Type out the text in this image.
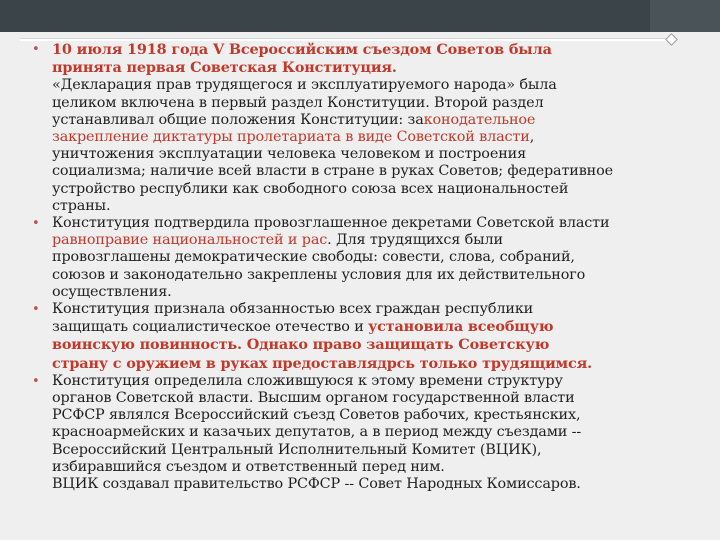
• 10 июля 1918 года V Всероссийским съездом Советов была
принята первая Советская Конституция.
«Декларация прав трудящегося и эксплуатируемого народа» была
целиком включена в первый раздел Конституции. Второй раздел
устанавливал общие положения Конституции: законодательное
закрепление диктатуры пролетариата в виде Советской власти,
уничтожения эксплуатации человека человеком и построения
социализма; наличие всей власти в стране в руках Советов; федеративное
устройство республики как свободного союза всех национальностей
страны.
• Конституция подтвердила провозглашенное декретами Советской власти
равноправие национальностей и рас. Для трудящихся были
провозглашены демократические свободы: совести, слова, собраний,
союзов и законодательно закреплены условия для их действительного
осуществления.
• Конституция признала обязанностью всех граждан республики
защищать социалистическое отечество и установила всеобщую
воинскую повинность. Однако право защищать Советскую
страну с оружием в руках предоставлядрсь только трудящимся.
• Конституция определила сложившуюся к этому времени структуру
органов Советской власти. Высшим органом государственной власти
РСФСР являлся Всероссийский съезд Советов рабочих, крестьянских,
красноармейских и казачьих депутатов, а в период между съездами --
Всероссийский Центральный Исполнительный Комитет (ВЦИК),
избиравшийся съездом и ответственный перед ним.
ВЦИК создавал правительство РСФСР -- Совет Народных Комиссаров.
